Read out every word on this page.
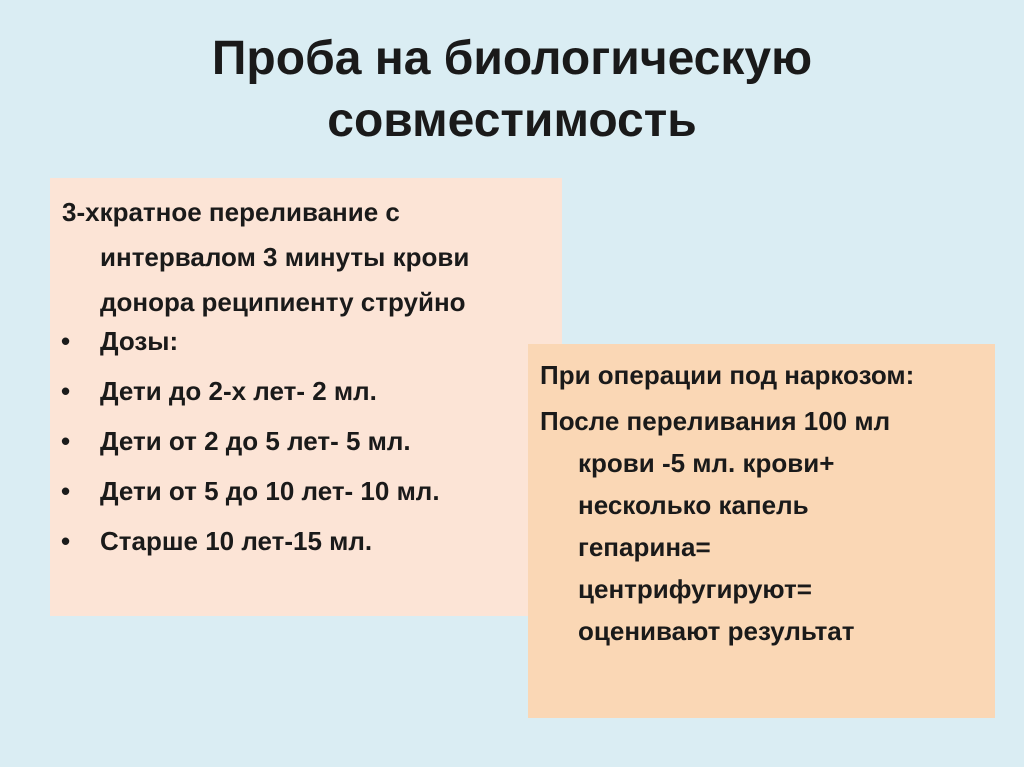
Проба на биологическую
совместимость
3-хкратное переливание с
интервалом 3 минуты крови
донора реципиенту струйно
• Дозы:
• Дети до 2-х лет- 2 мл.
• Дети от 2 до 5 лет- 5 мл.
• Дети от 5 до 10 лет- 10 мл.
• Старше 10 лет-15 мл.
При операции под наркозом:
После переливания 100 мл
крови -5 мл. крови+
несколько капель
гепарина=
центрифугируют=
оценивают результат
